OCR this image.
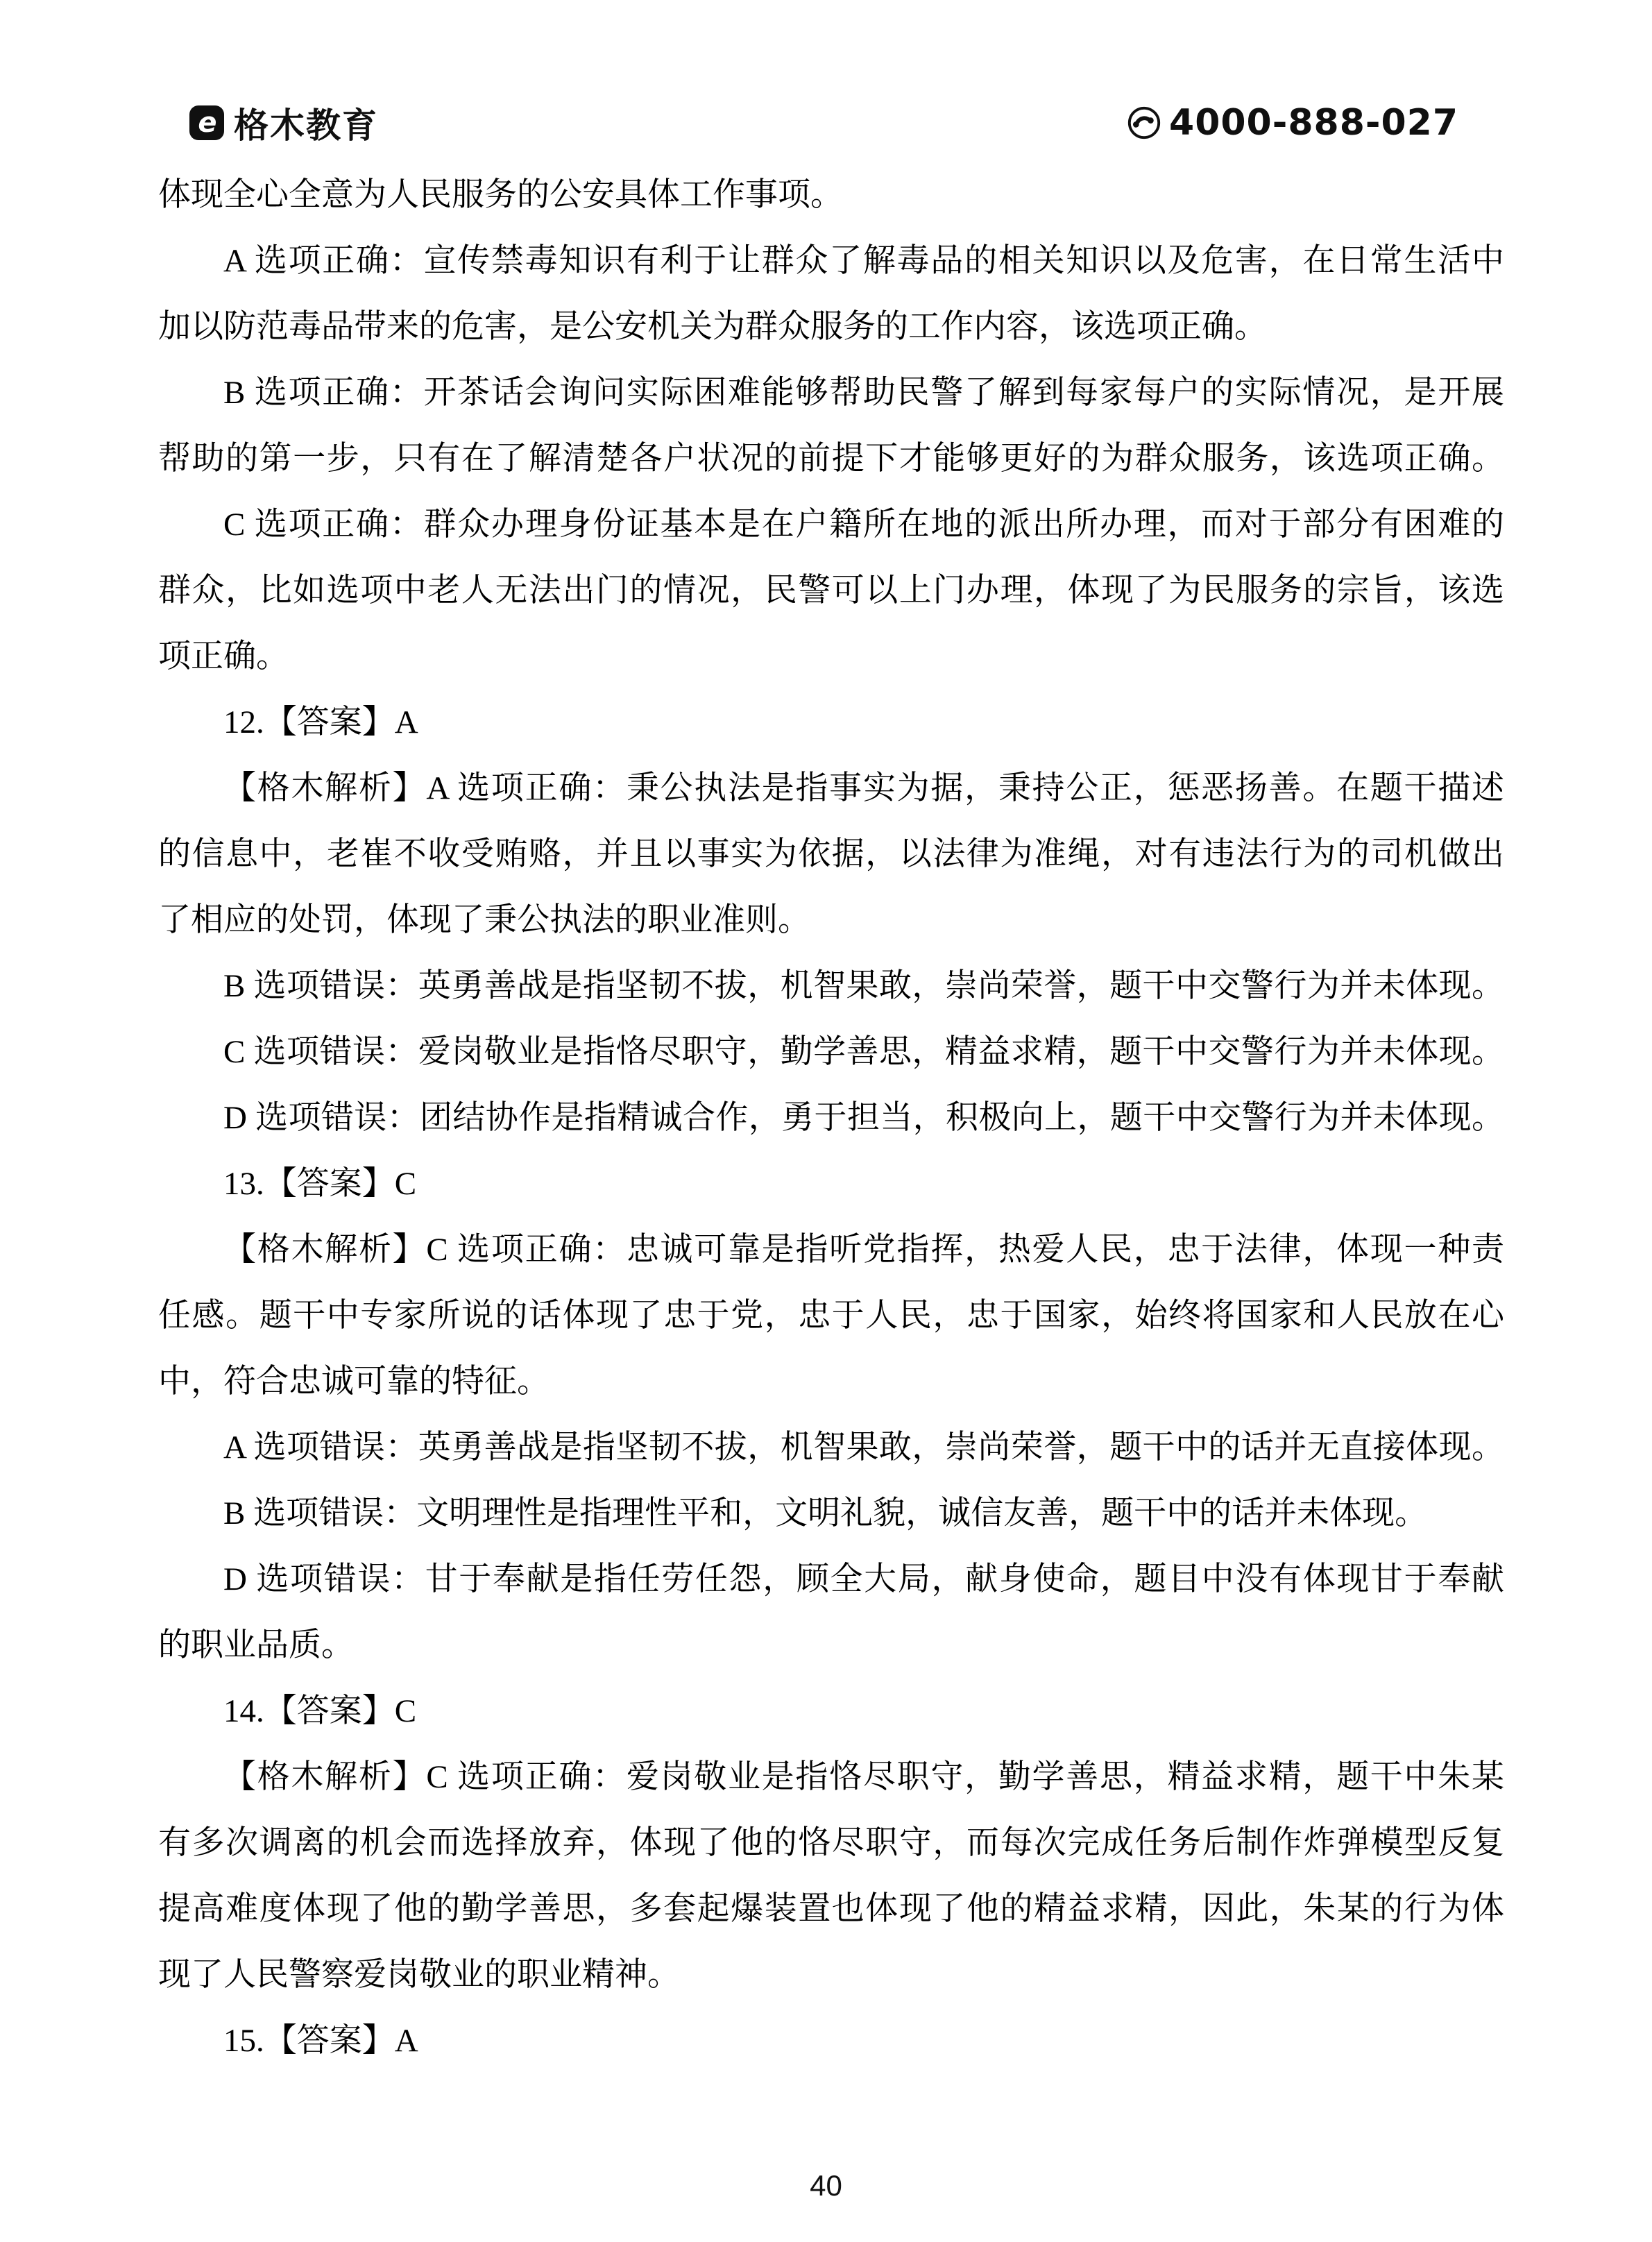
e 格木教育	4000-888-027
体现全心全意为人民服务的公安具体工作事项。
A 选项正确：宣传禁毒知识有利于让群众了解毒品的相关知识以及危害，在日常生活中
加以防范毒品带来的危害，是公安机关为群众服务的工作内容，该选项正确。
B 选项正确：开茶话会询问实际困难能够帮助民警了解到每家每户的实际情况，是开展
帮助的第一步，只有在了解清楚各户状况的前提下才能够更好的为群众服务，该选项正确。
C 选项正确：群众办理身份证基本是在户籍所在地的派出所办理，而对于部分有困难的
群众，比如选项中老人无法出门的情况，民警可以上门办理，体现了为民服务的宗旨，该选
项正确。
12.【答案】A
【格木解析】A 选项正确：秉公执法是指事实为据，秉持公正，惩恶扬善。在题干描述
的信息中，老崔不收受贿赂，并且以事实为依据，以法律为准绳，对有违法行为的司机做出
了相应的处罚，体现了秉公执法的职业准则。
B 选项错误：英勇善战是指坚韧不拔，机智果敢，崇尚荣誉，题干中交警行为并未体现。
C 选项错误：爱岗敬业是指恪尽职守，勤学善思，精益求精，题干中交警行为并未体现。
D 选项错误：团结协作是指精诚合作，勇于担当，积极向上，题干中交警行为并未体现。
13.【答案】C
【格木解析】C 选项正确：忠诚可靠是指听党指挥，热爱人民，忠于法律，体现一种责
任感。题干中专家所说的话体现了忠于党，忠于人民，忠于国家，始终将国家和人民放在心
中，符合忠诚可靠的特征。
A 选项错误：英勇善战是指坚韧不拔，机智果敢，崇尚荣誉，题干中的话并无直接体现。
B 选项错误：文明理性是指理性平和，文明礼貌，诚信友善，题干中的话并未体现。
D 选项错误：甘于奉献是指任劳任怨，顾全大局，献身使命，题目中没有体现甘于奉献
的职业品质。
14.【答案】C
【格木解析】C 选项正确：爱岗敬业是指恪尽职守，勤学善思，精益求精，题干中朱某
有多次调离的机会而选择放弃，体现了他的恪尽职守，而每次完成任务后制作炸弹模型反复
提高难度体现了他的勤学善思，多套起爆装置也体现了他的精益求精，因此，朱某的行为体
现了人民警察爱岗敬业的职业精神。
15.【答案】A
40
